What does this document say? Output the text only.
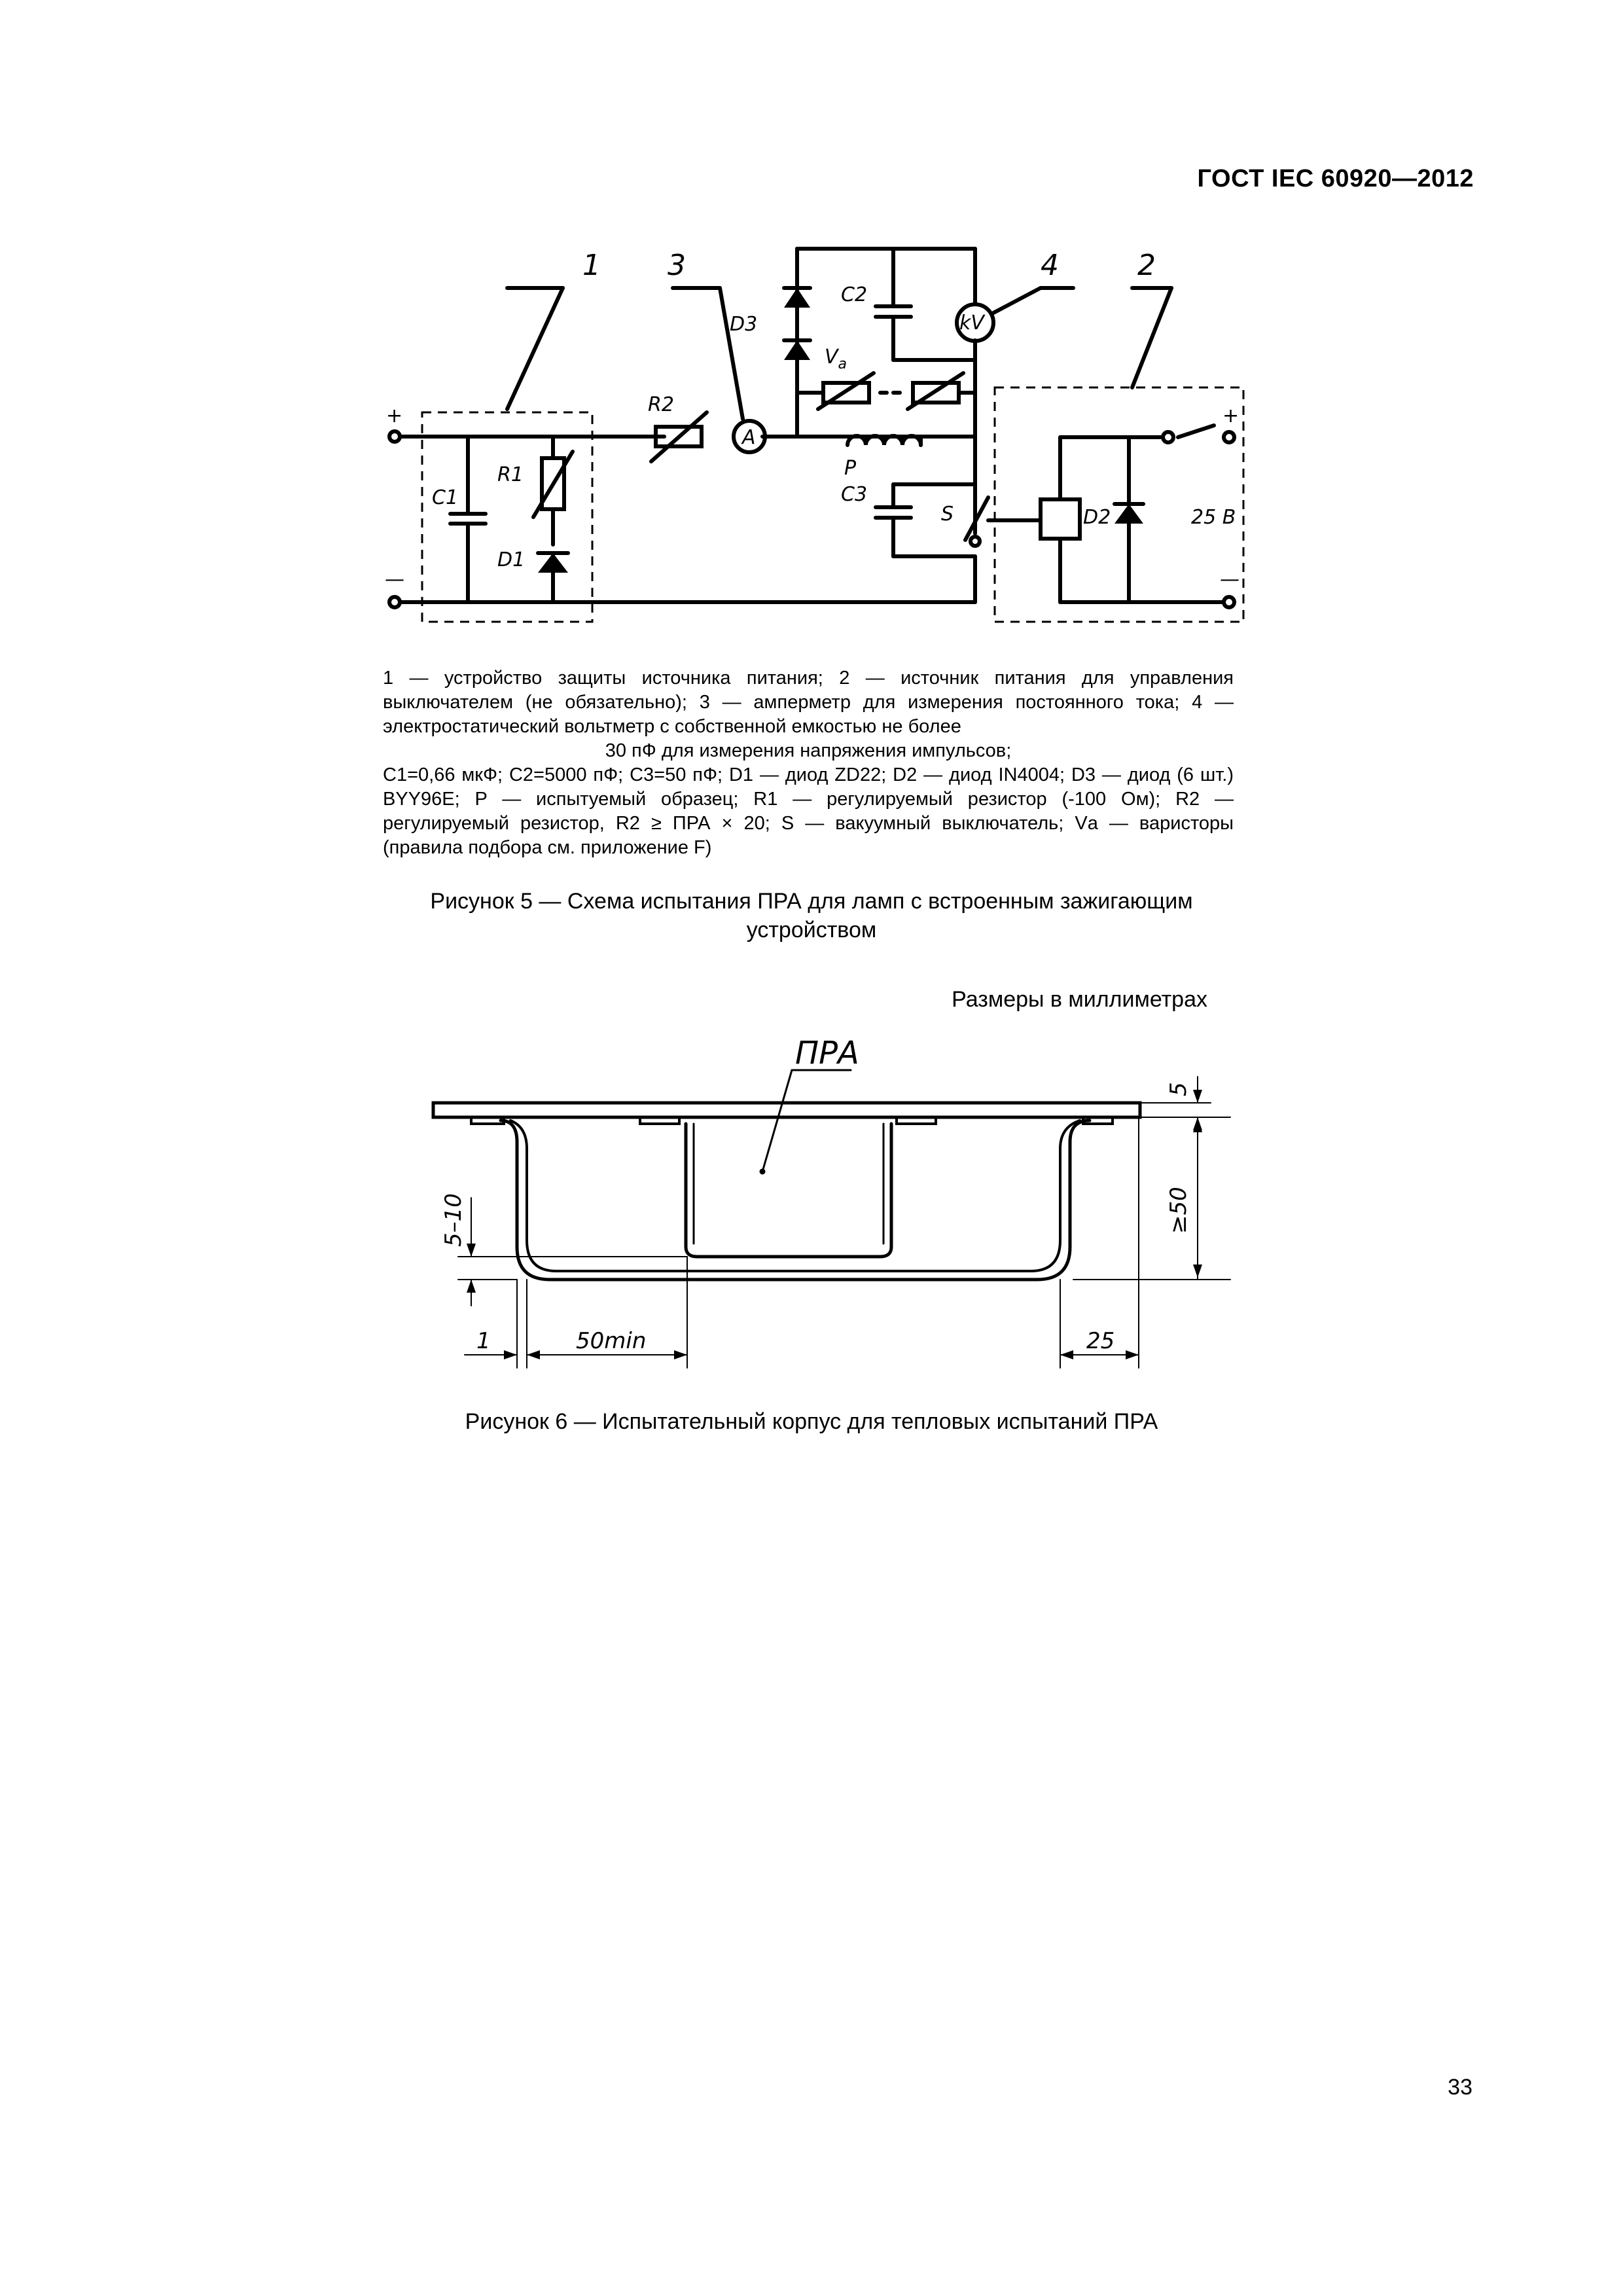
ГОСТ IEC 60920—2012
1 3	4	2
C1
R1
D1
R2
A
D3
C2
kV
$V_a$
P
C3
S	D2	25 В
+
—
+
—

1 — устройство защиты источника питания; 2 — источник питания для управления выключателем (не обязательно); 3 — амперметр для измерения постоянного тока; 4 — электростатический вольтметр с собственной емкостью не более

30 пФ для измерения напряжения импульсов;

C1=0,66 мкФ; C2=5000 пФ; C3=50 пФ; D1 — диод ZD22; D2 — диод IN4004; D3 — диод (6 шт.) BYY96E; P — испытуемый образец; R1 — регулируемый резистор (-100 Ом); R2 — регулируемый резистор, R2 ≥ ПРА × 20; S — вакуумный выключатель; Vа — варисторы (правила подбора см. приложение F)

Рисунок 5 — Схема испытания ПРА для ламп с встроенным зажигающим устройством
Размеры в миллиметрах
ПРА
5
≥50
5–10
1	50min	25
Рисунок 6 — Испытательный корпус для тепловых испытаний ПРА
33
